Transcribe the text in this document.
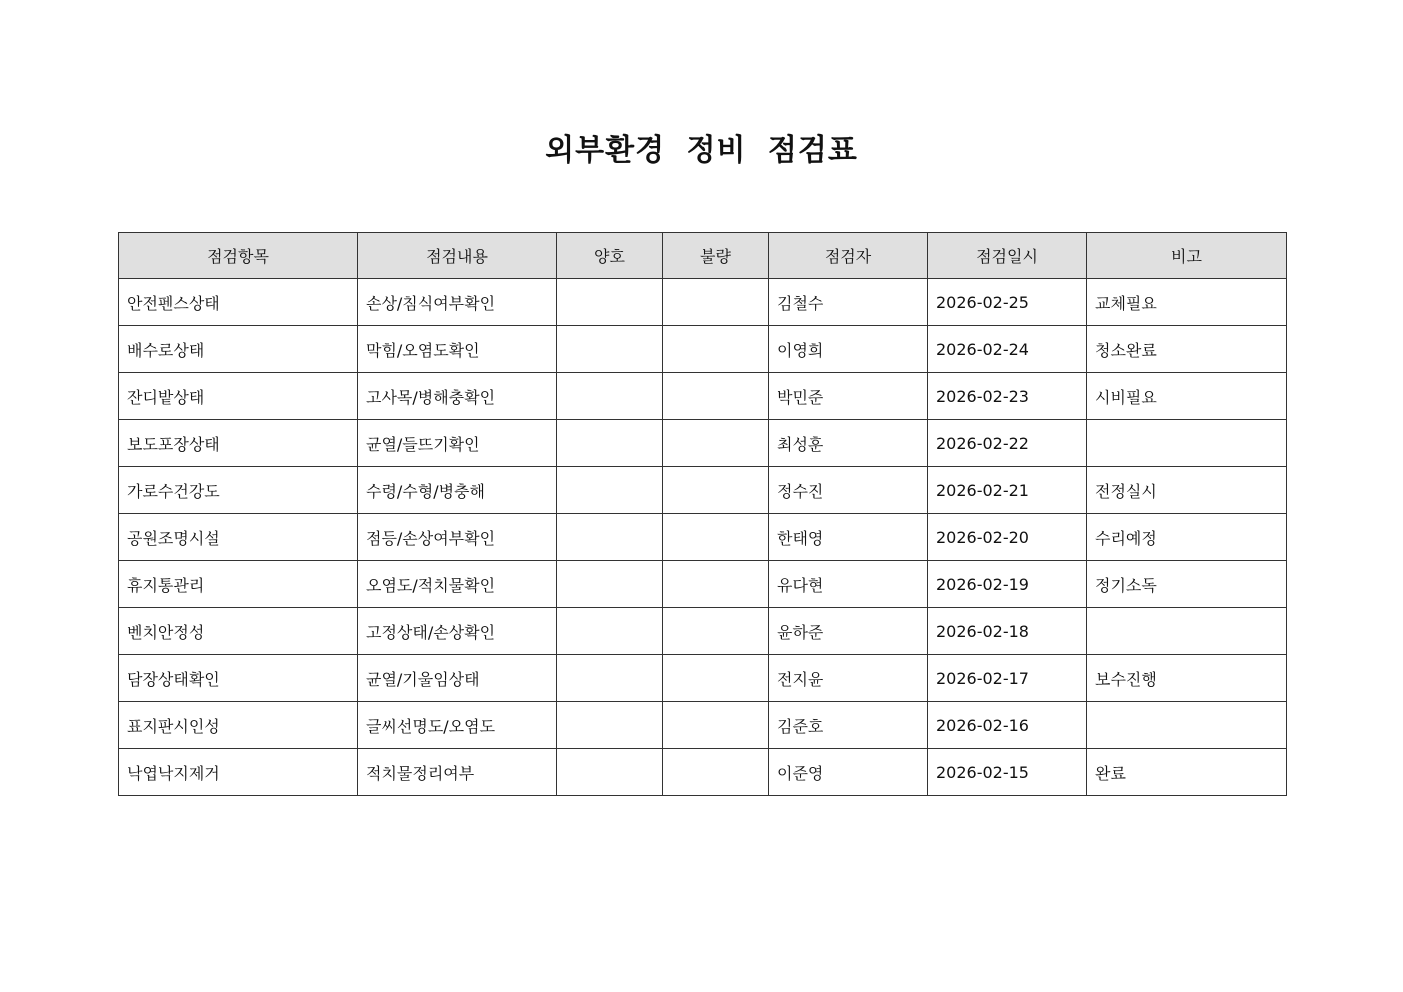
외부환경 정비 점검표
점검항목	점검내용	양호	불량	점검자	점검일시	비고
안전펜스상태	손상/침식여부확인			김철수	2026-02-25	교체필요
배수로상태	막힘/오염도확인			이영희	2026-02-24	청소완료
잔디밭상태	고사목/병해충확인			박민준	2026-02-23	시비필요
보도포장상태	균열/들뜨기확인			최성훈	2026-02-22	
가로수건강도	수령/수형/병충해			정수진	2026-02-21	전정실시
공원조명시설	점등/손상여부확인			한태영	2026-02-20	수리예정
휴지통관리	오염도/적치물확인			유다현	2026-02-19	정기소독
벤치안정성	고정상태/손상확인			윤하준	2026-02-18	
담장상태확인	균열/기울임상태			전지윤	2026-02-17	보수진행
표지판시인성	글씨선명도/오염도			김준호	2026-02-16	
낙엽낙지제거	적치물정리여부			이준영	2026-02-15	완료
